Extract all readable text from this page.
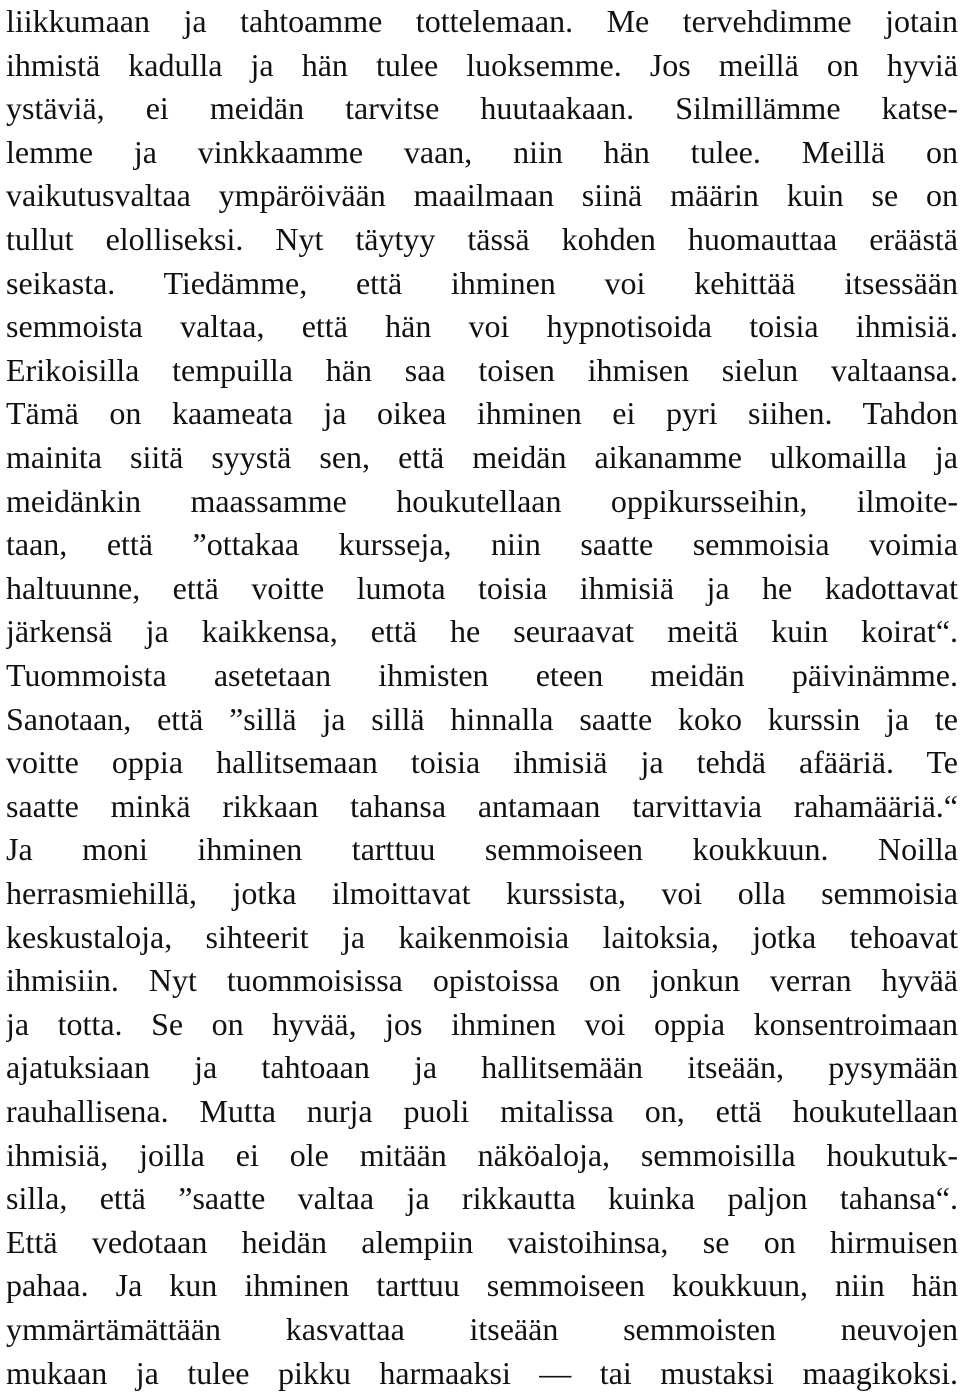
liikkumaan ja tahtoamme tottelemaan. Me tervehdimme jotain
ihmistä kadulla ja hän tulee luoksemme. Jos meillä on hyviä
ystäviä, ei meidän tarvitse huutaakaan. Silmillämme katse-
lemme ja vinkkaamme vaan, niin hän tulee. Meillä on
vaikutusvaltaa ympäröivään maailmaan siinä määrin kuin se on
tullut elolliseksi. Nyt täytyy tässä kohden huomauttaa eräästä
seikasta. Tiedämme, että ihminen voi kehittää itsessään
semmoista valtaa, että hän voi hypnotisoida toisia ihmisiä.
Erikoisilla tempuilla hän saa toisen ihmisen sielun valtaansa.
Tämä on kaameata ja oikea ihminen ei pyri siihen. Tahdon
mainita siitä syystä sen, että meidän aikanamme ulkomailla ja
meidänkin maassamme houkutellaan oppikursseihin, ilmoite-
taan, että ”ottakaa kursseja, niin saatte semmoisia voimia
haltuunne, että voitte lumota toisia ihmisiä ja he kadottavat
järkensä ja kaikkensa, että he seuraavat meitä kuin koirat“.
Tuommoista asetetaan ihmisten eteen meidän päivinämme.
Sanotaan, että ”sillä ja sillä hinnalla saatte koko kurssin ja te
voitte oppia hallitsemaan toisia ihmisiä ja tehdä afääriä. Te
saatte minkä rikkaan tahansa antamaan tarvittavia rahamääriä.“
Ja moni ihminen tarttuu semmoiseen koukkuun. Noilla
herrasmiehillä, jotka ilmoittavat kurssista, voi olla semmoisia
keskustaloja, sihteerit ja kaikenmoisia laitoksia, jotka tehoavat
ihmisiin. Nyt tuommoisissa opistoissa on jonkun verran hyvää
ja totta. Se on hyvää, jos ihminen voi oppia konsentroimaan
ajatuksiaan ja tahtoaan ja hallitsemään itseään, pysymään
rauhallisena. Mutta nurja puoli mitalissa on, että houkutellaan
ihmisiä, joilla ei ole mitään näköaloja, semmoisilla houkutuk-
silla, että ”saatte valtaa ja rikkautta kuinka paljon tahansa“.
Että vedotaan heidän alempiin vaistoihinsa, se on hirmuisen
pahaa. Ja kun ihminen tarttuu semmoiseen koukkuun, niin hän
ymmärtämättään kasvattaa itseään semmoisten neuvojen
mukaan ja tulee pikku harmaaksi — tai mustaksi maagikoksi.
